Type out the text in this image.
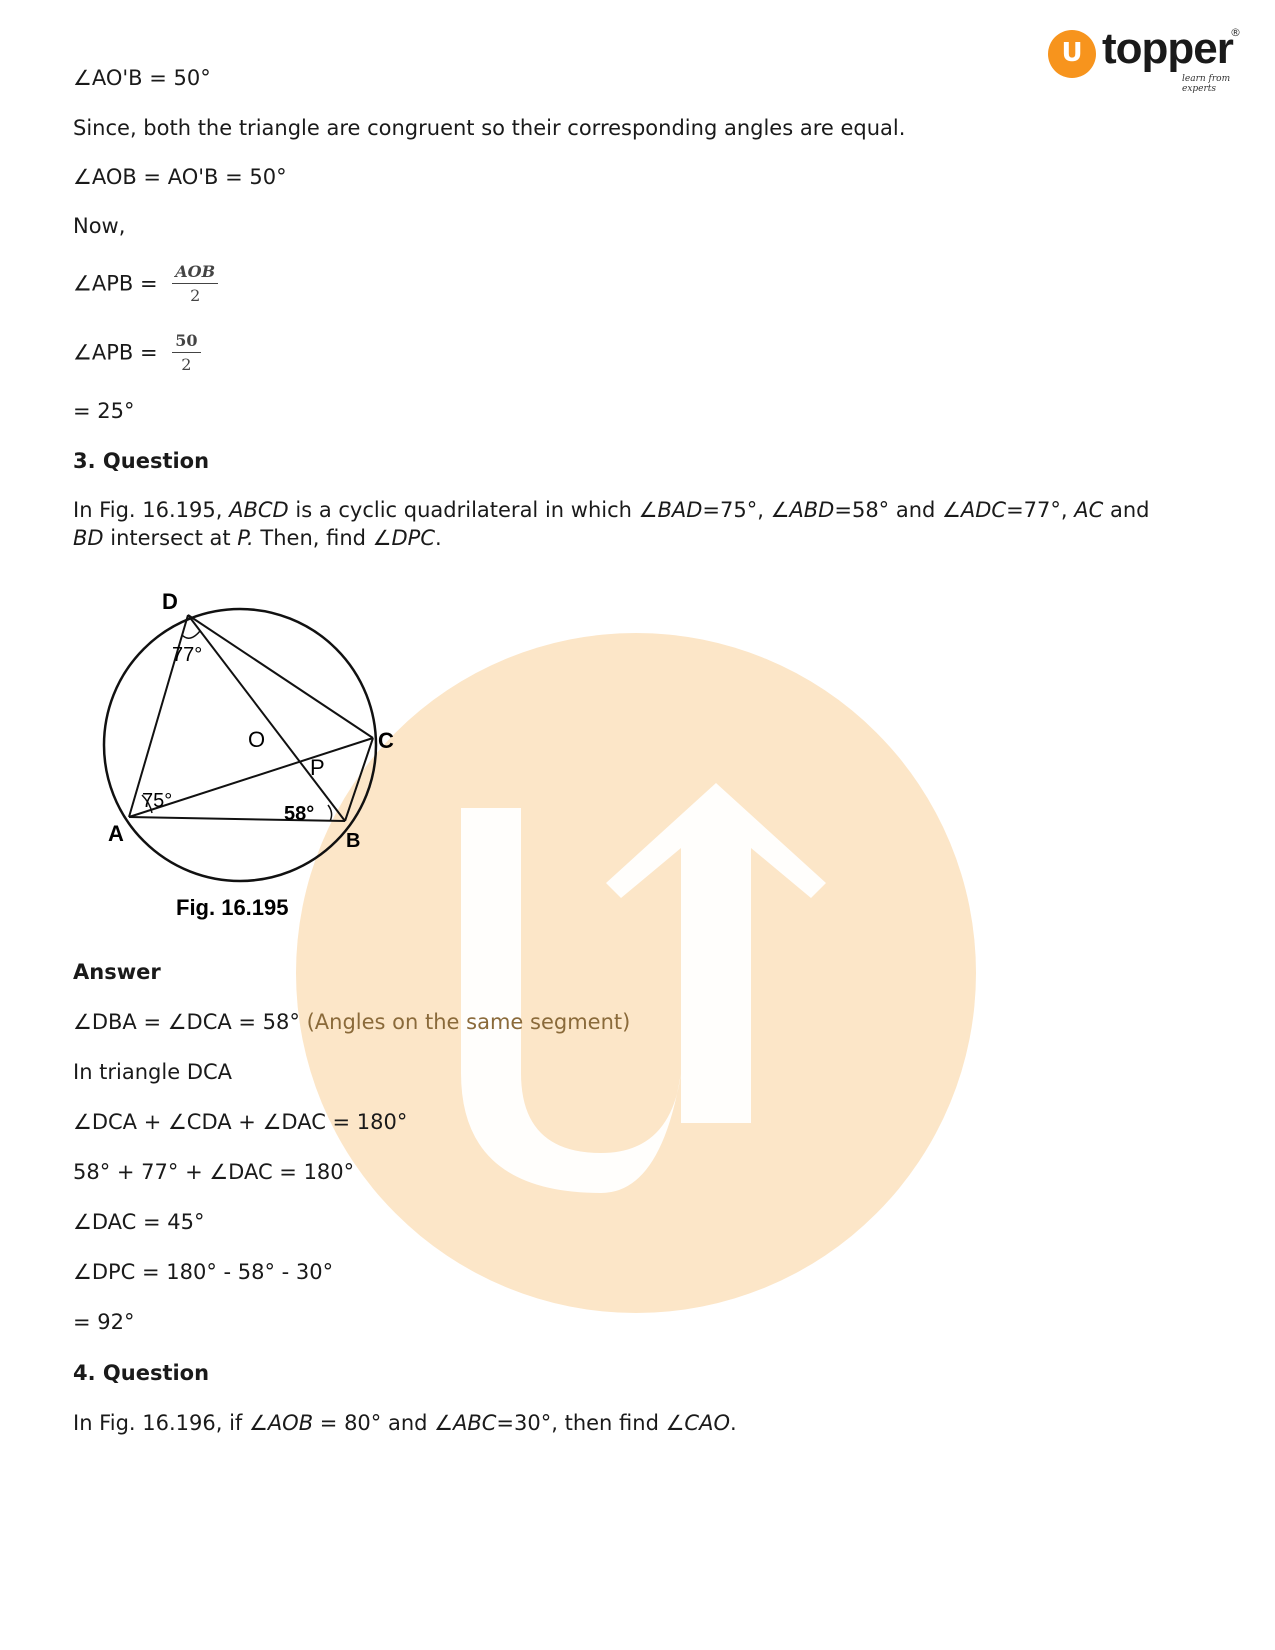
U topper
learn from experts
®
∠AO'B = 50°
Since, both the triangle are congruent so their corresponding angles are equal.
∠AOB = AO'B = 50°
Now,
∠APB = $\frac{\text{AOB}}{2}$
∠APB = $\frac{50}{2}$
= 25°
3. Question
In Fig. 16.195, ABCD is a cyclic quadrilateral in which ∠BAD=75°, ∠ABD=58° and ∠ADC=77°, AC and
BD intersect at P. Then, find ∠DPC.
Answer
∠DBA = ∠DCA = 58° (Angles on the same segment)
In triangle DCA
∠DCA + ∠CDA + ∠DAC = 180°
58° + 77° + ∠DAC = 180°
∠DAC = 45°
∠DPC = 180° - 58° - 30°
= 92°
4. Question
In Fig. 16.196, if ∠AOB = 80° and ∠ABC=30°, then find ∠CAO.
D
C
A	B
O
P
77°
75°
58°
Fig. 16.195
